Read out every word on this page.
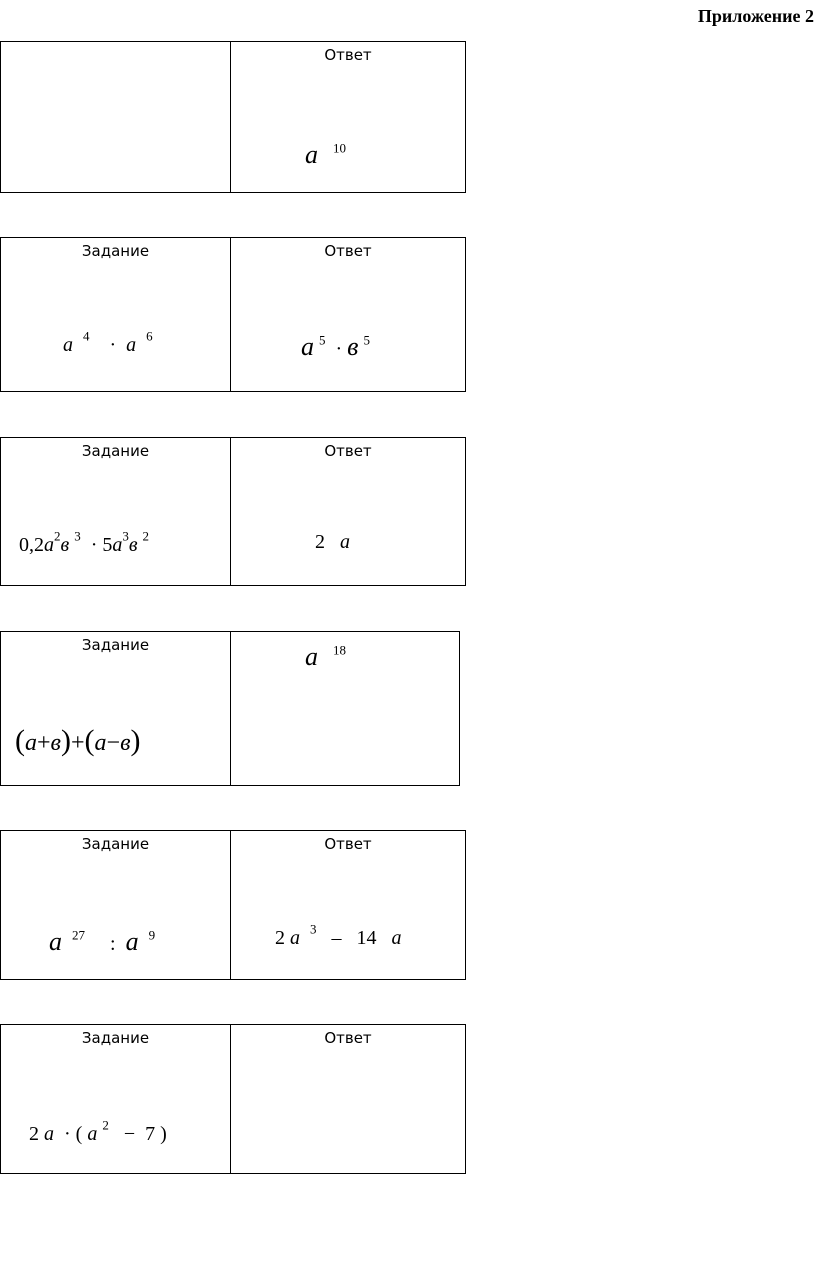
Приложение 2
Ответ
a $^{10}$
Задание
a $^4$    ·  a $^6$
Ответ
a $^5$  · в $^5$
Задание
$0,2a^2в$ $^3 \cdot 5a^3в$ $^2$
Ответ
2   a
Задание
(a+в)+(a−в)
a $^{18}$
Задание
a $^{27}$     :  a $^9$
Ответ
2 a $^3$   –   14   a
Задание
2 a  · ( a $^2$   −  7 )
Ответ
